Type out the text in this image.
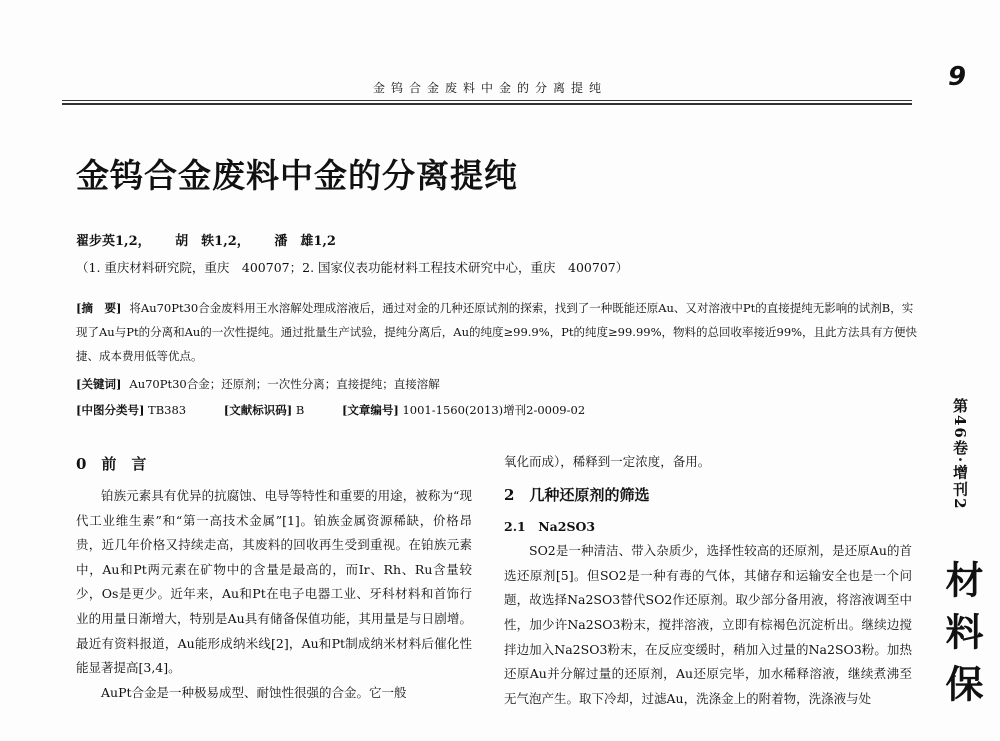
金钨合金废料中金的分离提纯	9
金钨合金废料中金的分离提纯
翟步英1,2， 胡　轶1,2， 潘　雄1,2
（1. 重庆材料研究院，重庆　400707；2. 国家仪表功能材料工程技术研究中心，重庆　400707）
[摘　要] 将Au70Pt30合金废料用王水溶解处理成溶液后，通过对金的几种还原试剂的探索，找到了一种既能还原Au、又对溶液中Pt的直接提纯无影响的试剂B，实现了Au与Pt的分离和Au的一次性提纯。通过批量生产试验，提纯分离后，Au的纯度≥99.9%，Pt的纯度≥99.99%，物料的总回收率接近99%，且此方法具有方便快捷、成本费用低等优点。
[关键词] Au70Pt30合金；还原剂；一次性分离；直接提纯；直接溶解
[中图分类号] TB383	[文献标识码] B	[文章编号] 1001-1560(2013)增刊2-0009-02
0　前　言

铂族元素具有优异的抗腐蚀、电导等特性和重要的用途，被称为“现代工业维生素”和“第一高技术金属”[1]。铂族金属资源稀缺，价格昂贵，近几年价格又持续走高，其废料的回收再生受到重视。在铂族元素中，Au和Pt两元素在矿物中的含量是最高的，而Ir、Rh、Ru含量较少，Os是更少。近年来，Au和Pt在电子电器工业、牙科材料和首饰行业的用量日渐增大，特别是Au具有储备保值功能，其用量是与日剧增。最近有资料报道，Au能形成纳米线[2]，Au和Pt制成纳米材料后催化性能显著提高[3,4]。

AuPt合金是一种极易成型、耐蚀性很强的合金。它一般

氧化而成），稀释到一定浓度，备用。

2　几种还原剂的筛选
2.1　Na2SO3

SO2是一种清洁、带入杂质少，选择性较高的还原剂，是还原Au的首选还原剂[5]。但SO2是一种有毒的气体，其储存和运输安全也是一个问题，故选择Na2SO3替代SO2作还原剂。取少部分备用液，将溶液调至中性，加少许Na2SO3粉末，搅拌溶液，立即有棕褐色沉淀析出。继续边搅拌边加入Na2SO3粉末，在反应变缓时，稍加入过量的Na2SO3粉。加热还原Au并分解过量的还原剂，Au还原完毕，加水稀释溶液，继续煮沸至无气泡产生。取下冷却，过滤Au，洗涤金上的附着物，洗涤液与处

第46卷·增刊2
材料保
